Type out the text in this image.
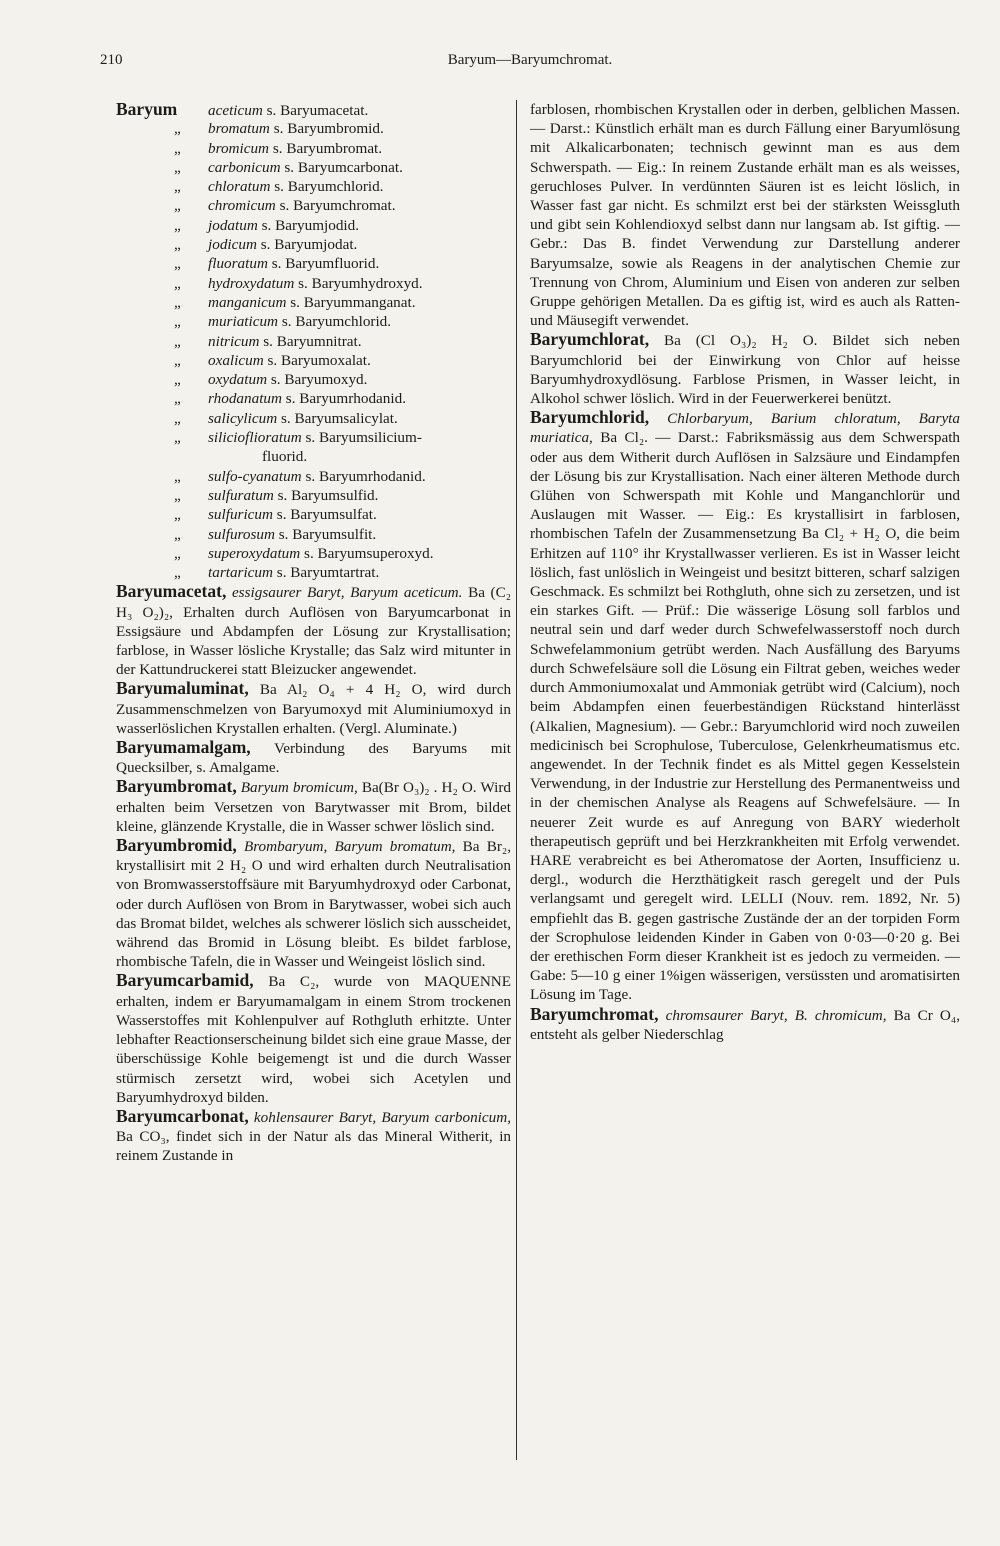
210	Baryum—Baryumchromat.
Baryum	aceticum s. Baryumacetat.
„	bromatum s. Baryumbromid.
„	bromicum s. Baryumbromat.
„	carbonicum s. Baryumcarbonat.
„	chloratum s. Baryumchlorid.
„	chromicum s. Baryumchromat.
„	jodatum s. Baryumjodid.
„	jodicum s. Baryumjodat.
„	fluoratum s. Baryumfluorid.
„	hydroxydatum s. Baryumhydroxyd.
„	manganicum s. Baryummanganat.
„	muriaticum s. Baryumchlorid.
„	nitricum s. Baryumnitrat.
„	oxalicum s. Baryumoxalat.
„	oxydatum s. Baryumoxyd.
„	rhodanatum s. Baryumrhodanid.
„	salicylicum s. Baryumsalicylat.
„	silicioflioratum s. Baryumsilicium-
fluorid.
„	sulfo-cyanatum s. Baryumrhodanid.
„	sulfuratum s. Baryumsulfid.
„	sulfuricum s. Baryumsulfat.
„	sulfurosum s. Baryumsulfit.
„	superoxydatum s. Baryumsuperoxyd.
„	tartaricum s. Baryumtartrat.

Baryumacetat, essigsaurer Baryt, Baryum aceticum. Ba (C₂ H₃ O₂)₂, Erhalten durch Auflösen von Baryumcarbonat in Essigsäure und Abdampfen der Lösung zur Krystallisation; farblose, in Wasser lösliche Krystalle; das Salz wird mitunter in der Kattundruckerei statt Bleizucker angewendet.

Baryumaluminat, Ba Al₂ O₄ + 4 H₂ O, wird durch Zusammenschmelzen von Baryumoxyd mit Aluminiumoxyd in wasserlöslichen Krystallen erhalten. (Vergl. Aluminate.)

Baryumamalgam, Verbindung des Baryums mit Quecksilber, s. Amalgame.

Baryumbromat, Baryum bromicum, Ba(Br O₃)₂ . H₂ O. Wird erhalten beim Versetzen von Barytwasser mit Brom, bildet kleine, glänzende Krystalle, die in Wasser schwer löslich sind.

Baryumbromid, Brombaryum, Baryum bromatum, Ba Br₂, krystallisirt mit 2 H₂ O und wird erhalten durch Neutralisation von Bromwasserstoffsäure mit Baryumhydroxyd oder Carbonat, oder durch Auflösen von Brom in Barytwasser, wobei sich auch das Bromat bildet, welches als schwerer löslich sich ausscheidet, während das Bromid in Lösung bleibt. Es bildet farblose, rhombische Tafeln, die in Wasser und Weingeist löslich sind.

Baryumcarbamid, Ba C₂, wurde von MAQUENNE erhalten, indem er Baryumamalgam in einem Strom trockenen Wasserstoffes mit Kohlenpulver auf Rothgluth erhitzte. Unter lebhafter Reactionserscheinung bildet sich eine graue Masse, der überschüssige Kohle beigemengt ist und die durch Wasser stürmisch zersetzt wird, wobei sich Acetylen und Baryumhydroxyd bilden.

Baryumcarbonat, kohlensaurer Baryt, Baryum carbonicum, Ba CO₃, findet sich in der Natur als das Mineral Witherit, in reinem Zustande in

farblosen, rhombischen Krystallen oder in derben, gelblichen Massen. — Darst.: Künstlich erhält man es durch Fällung einer Baryumlösung mit Alkalicarbonaten; technisch gewinnt man es aus dem Schwerspath. — Eig.: In reinem Zustande erhält man es als weisses, geruchloses Pulver. In verdünnten Säuren ist es leicht löslich, in Wasser fast gar nicht. Es schmilzt erst bei der stärksten Weissgluth und gibt sein Kohlendioxyd selbst dann nur langsam ab. Ist giftig. — Gebr.: Das B. findet Verwendung zur Darstellung anderer Baryumsalze, sowie als Reagens in der analytischen Chemie zur Trennung von Chrom, Aluminium und Eisen von anderen zur selben Gruppe gehörigen Metallen. Da es giftig ist, wird es auch als Ratten- und Mäusegift verwendet.

Baryumchlorat, Ba (Cl O₃)₂ H₂ O. Bildet sich neben Baryumchlorid bei der Einwirkung von Chlor auf heisse Baryumhydroxydlösung. Farblose Prismen, in Wasser leicht, in Alkohol schwer löslich. Wird in der Feuerwerkerei benützt.

Baryumchlorid, Chlorbaryum, Barium chloratum, Baryta muriatica, Ba Cl₂. — Darst.: Fabriksmässig aus dem Schwerspath oder aus dem Witherit durch Auflösen in Salzsäure und Eindampfen der Lösung bis zur Krystallisation. Nach einer älteren Methode durch Glühen von Schwerspath mit Kohle und Manganchlorür und Auslaugen mit Wasser. — Eig.: Es krystallisirt in farblosen, rhombischen Tafeln der Zusammensetzung Ba Cl₂ + H₂ O, die beim Erhitzen auf 110° ihr Krystallwasser verlieren. Es ist in Wasser leicht löslich, fast unlöslich in Weingeist und besitzt bitteren, scharf salzigen Geschmack. Es schmilzt bei Rothgluth, ohne sich zu zersetzen, und ist ein starkes Gift. — Prüf.: Die wässerige Lösung soll farblos und neutral sein und darf weder durch Schwefelwasserstoff noch durch Schwefelammonium getrübt werden. Nach Ausfällung des Baryums durch Schwefelsäure soll die Lösung ein Filtrat geben, weiches weder durch Ammoniumoxalat und Ammoniak getrübt wird (Calcium), noch beim Abdampfen einen feuerbeständigen Rückstand hinterlässt (Alkalien, Magnesium). — Gebr.: Baryumchlorid wird noch zuweilen medicinisch bei Scrophulose, Tuberculose, Gelenkrheumatismus etc. angewendet. In der Technik findet es als Mittel gegen Kesselstein Verwendung, in der Industrie zur Herstellung des Permanentweiss und in der chemischen Analyse als Reagens auf Schwefelsäure. — In neuerer Zeit wurde es auf Anregung von BARY wiederholt therapeutisch geprüft und bei Herzkrankheiten mit Erfolg verwendet. HARE verabreicht es bei Atheromatose der Aorten, Insufficienz u. dergl., wodurch die Herzthätigkeit rasch geregelt und der Puls verlangsamt und geregelt wird. LELLI (Nouv. rem. 1892, Nr. 5) empfiehlt das B. gegen gastrische Zustände der an der torpiden Form der Scrophulose leidenden Kinder in Gaben von 0·03—0·20 g. Bei der erethischen Form dieser Krankheit ist es jedoch zu vermeiden. — Gabe: 5—10 g einer 1%igen wässerigen, versüssten und aromatisirten Lösung im Tage.

Baryumchromat, chromsaurer Baryt, B. chromicum, Ba Cr O₄, entsteht als gelber Niederschlag
